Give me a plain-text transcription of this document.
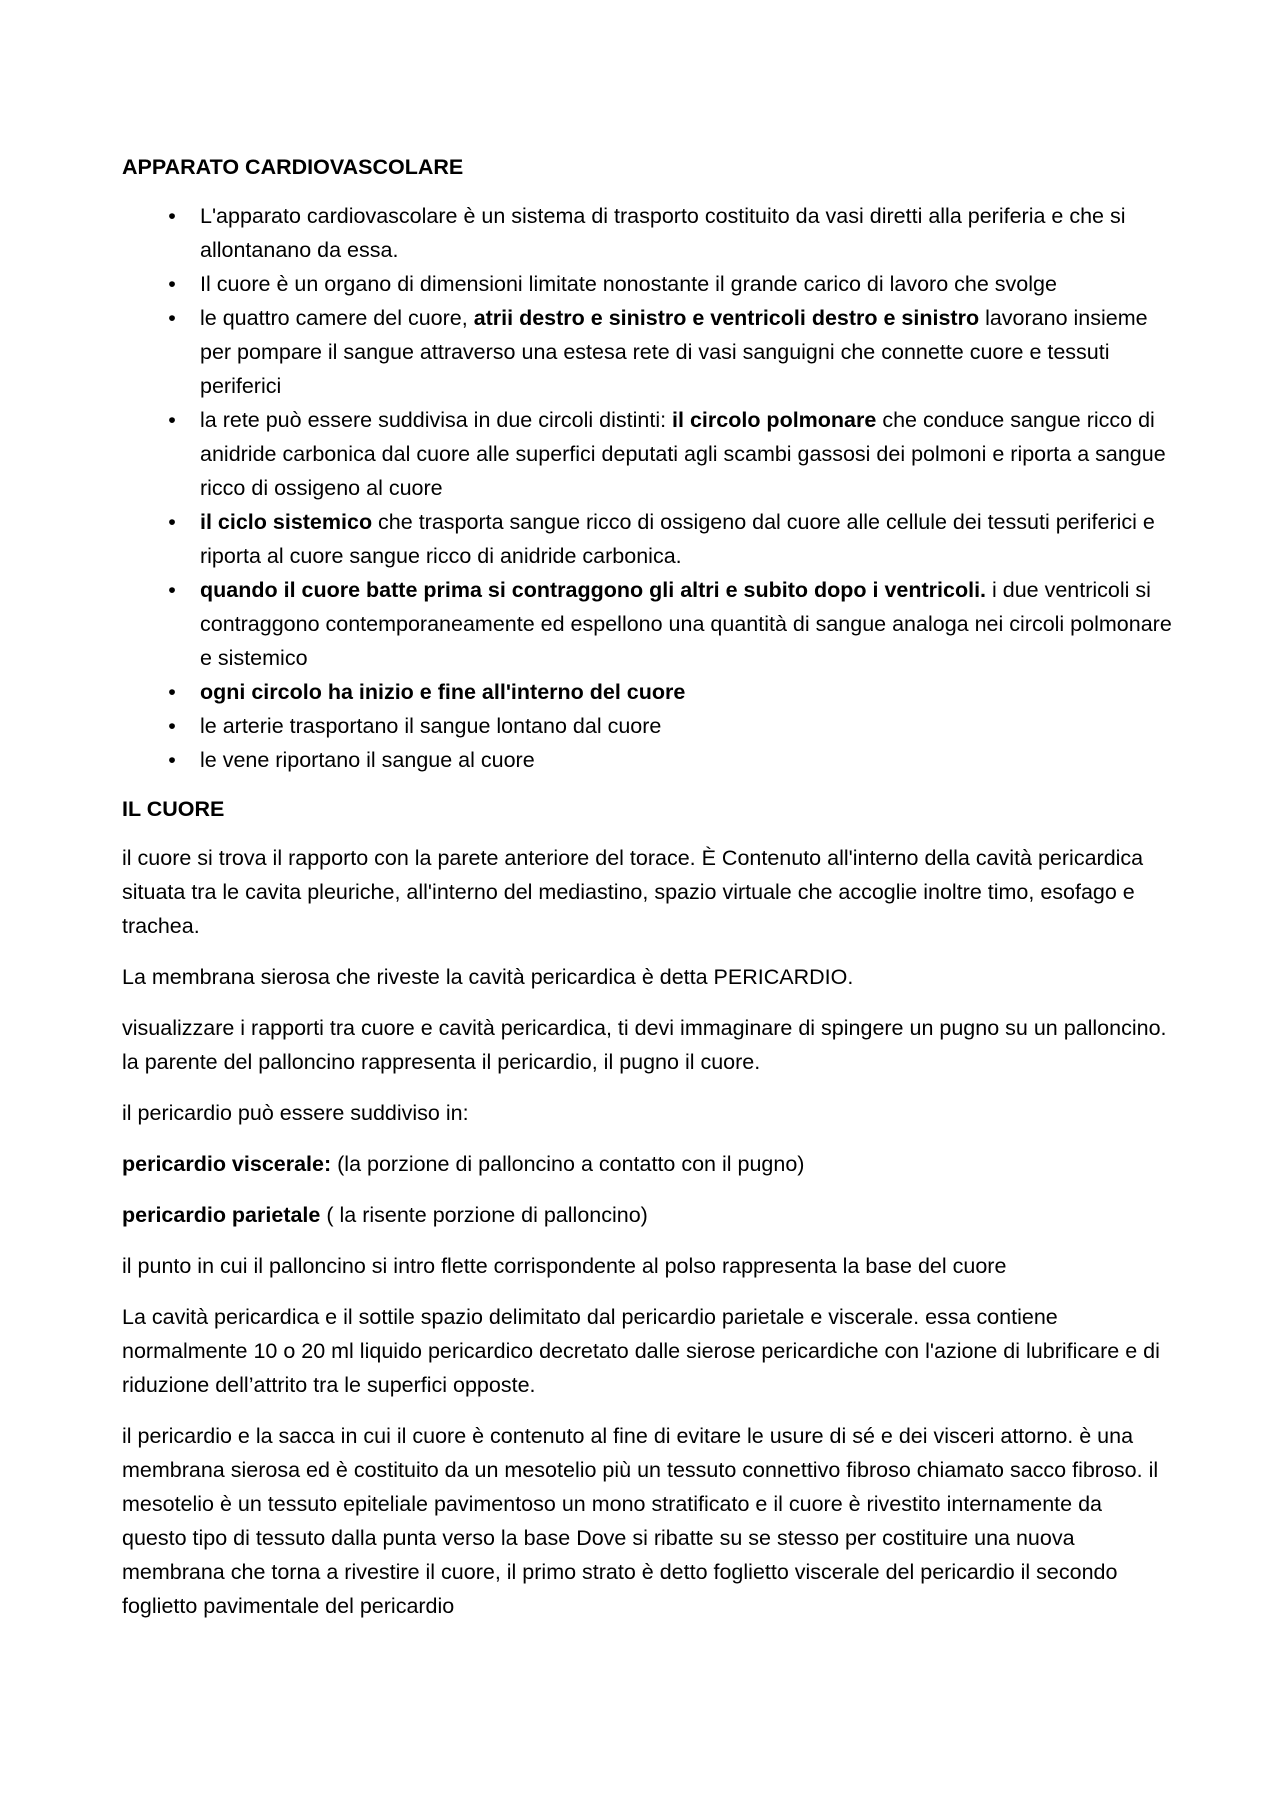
APPARATO CARDIOVASCOLARE
• L'apparato cardiovascolare è un sistema di trasporto costituito da vasi diretti alla periferia e che si allontanano da essa.
• Il cuore è un organo di dimensioni limitate nonostante il grande carico di lavoro che svolge
• le quattro camere del cuore, atrii destro e sinistro e ventricoli destro e sinistro lavorano insieme per pompare il sangue attraverso una estesa rete di vasi sanguigni che connette cuore e tessuti periferici
• la rete può essere suddivisa in due circoli distinti: il circolo polmonare che conduce sangue ricco di anidride carbonica dal cuore alle superfici deputati agli scambi gassosi dei polmoni e riporta a sangue ricco di ossigeno al cuore
• il ciclo sistemico che trasporta sangue ricco di ossigeno dal cuore alle cellule dei tessuti periferici e riporta al cuore sangue ricco di anidride carbonica.
• quando il cuore batte prima si contraggono gli altri e subito dopo i ventricoli. i due ventricoli si contraggono contemporaneamente ed espellono una quantità di sangue analoga nei circoli polmonare e sistemico
• ogni circolo ha inizio e fine all'interno del cuore
• le arterie trasportano il sangue lontano dal cuore
• le vene riportano il sangue al cuore
IL CUORE

il cuore si trova il rapporto con la parete anteriore del torace. È Contenuto all'interno della cavità pericardica situata tra le cavita pleuriche, all'interno del mediastino, spazio virtuale che accoglie inoltre timo, esofago e trachea.

La membrana sierosa che riveste la cavità pericardica è detta PERICARDIO.

visualizzare i rapporti tra cuore e cavità pericardica, ti devi immaginare di spingere un pugno su un palloncino. la parente del palloncino rappresenta il pericardio, il pugno il cuore.

il pericardio può essere suddiviso in:

pericardio viscerale: (la porzione di palloncino a contatto con il pugno)

pericardio parietale ( la risente porzione di palloncino)

il punto in cui il palloncino si intro flette corrispondente al polso rappresenta la base del cuore

La cavità pericardica e il sottile spazio delimitato dal pericardio parietale e viscerale. essa contiene normalmente 10 o 20 ml liquido pericardico decretato dalle sierose pericardiche con l'azione di lubrificare e di riduzione dell’attrito tra le superfici opposte.

il pericardio e la sacca in cui il cuore è contenuto al fine di evitare le usure di sé e dei visceri attorno. è una membrana sierosa ed è costituito da un mesotelio più un tessuto connettivo fibroso chiamato sacco fibroso. il mesotelio è un tessuto epiteliale pavimentoso un mono stratificato e il cuore è rivestito internamente da questo tipo di tessuto dalla punta verso la base Dove si ribatte su se stesso per costituire una nuova membrana che torna a rivestire il cuore, il primo strato è detto foglietto viscerale del pericardio il secondo foglietto pavimentale del pericardio
